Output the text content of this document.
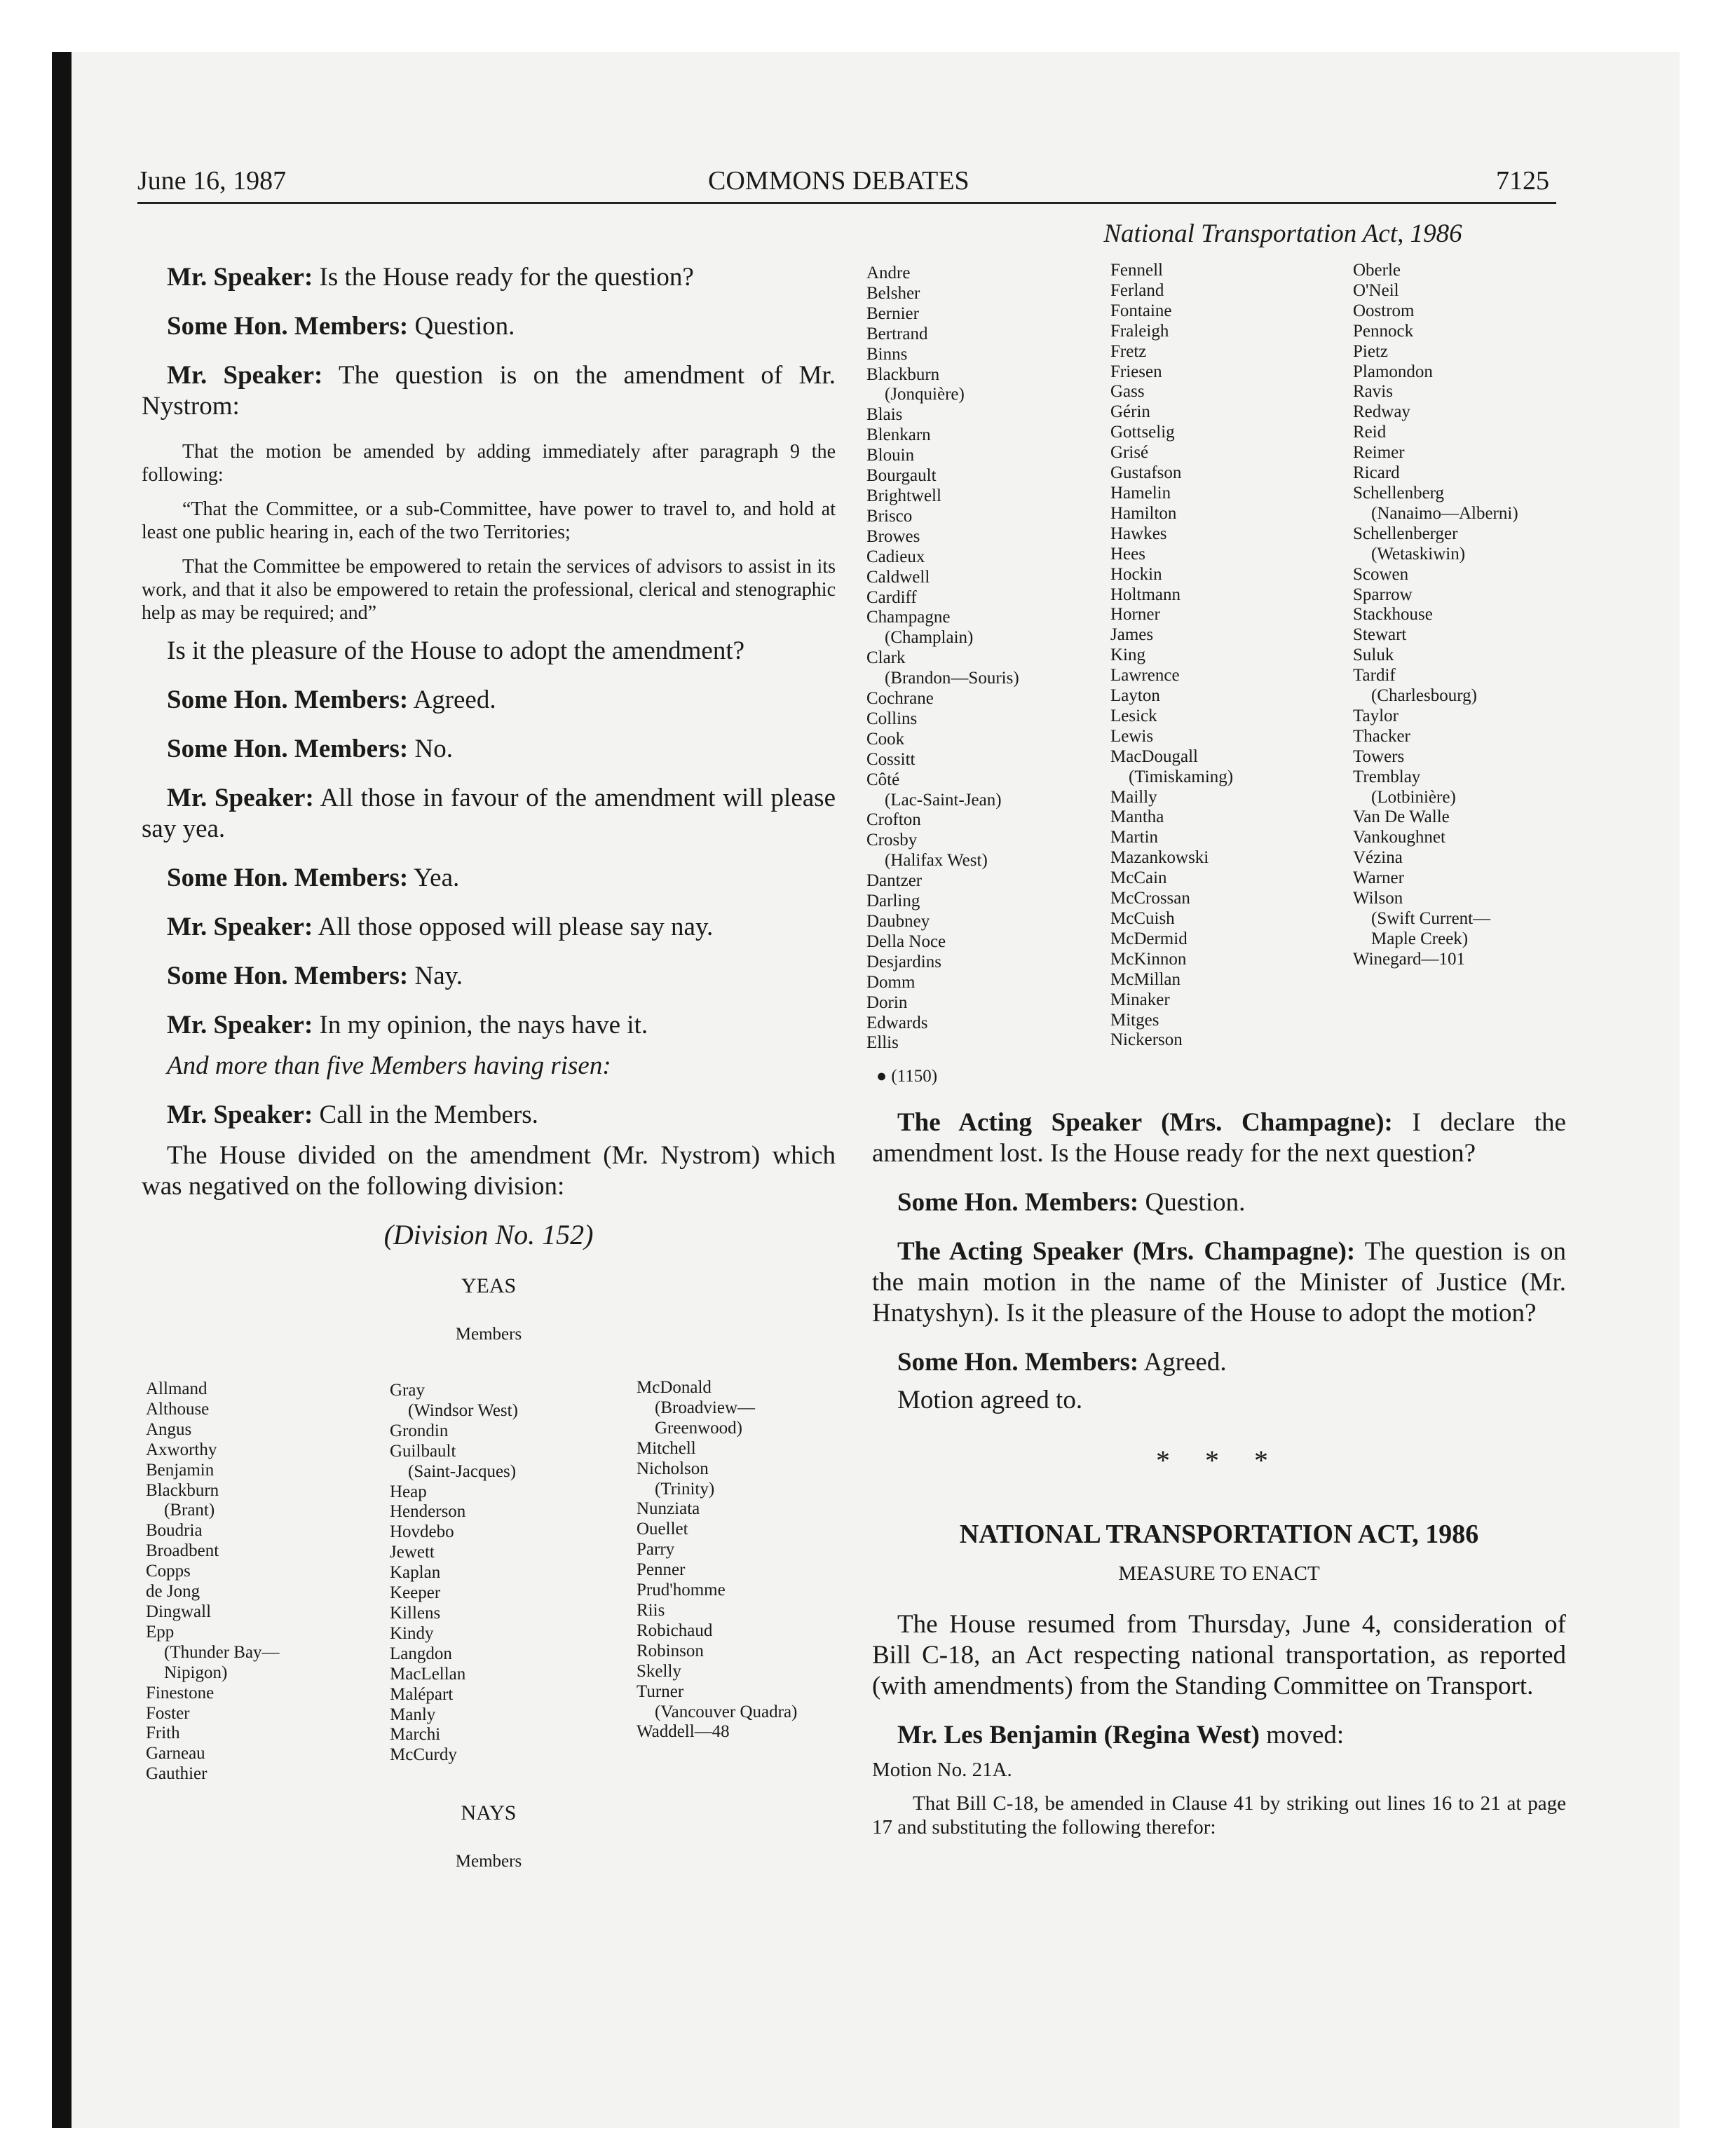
June 16, 1987	COMMONS DEBATES	7125
National Transportation Act, 1986

Mr. Speaker: Is the House ready for the question?

Some Hon. Members: Question.

Mr. Speaker: The question is on the amendment of Mr. Nystrom:

That the motion be amended by adding immediately after paragraph 9 the following:

“That the Committee, or a sub-Committee, have power to travel to, and hold at least one public hearing in, each of the two Territories;

That the Committee be empowered to retain the services of advisors to assist in its work, and that it also be empowered to retain the professional, clerical and stenographic help as may be required; and”

Is it the pleasure of the House to adopt the amendment?

Some Hon. Members: Agreed.

Some Hon. Members: No.

Mr. Speaker: All those in favour of the amendment will please say yea.

Some Hon. Members: Yea.

Mr. Speaker: All those opposed will please say nay.

Some Hon. Members: Nay.

Mr. Speaker: In my opinion, the nays have it.

And more than five Members having risen:

Mr. Speaker: Call in the Members.

The House divided on the amendment (Mr. Nystrom) which was negatived on the following division:

(Division No. 152)
YEAS
Members
Allmand
Althouse
Angus
Axworthy
Benjamin
Blackburn
(Brant)
Boudria
Broadbent
Copps
de Jong
Dingwall
Epp
(Thunder Bay—
Nipigon)
Finestone
Foster
Frith
Garneau
Gauthier
Gray
(Windsor West)
Grondin
Guilbault
(Saint-Jacques)
Heap
Henderson
Hovdebo
Jewett
Kaplan
Keeper
Killens
Kindy
Langdon
MacLellan
Malépart
Manly
Marchi
McCurdy
McDonald
(Broadview—
Greenwood)
Mitchell
Nicholson
(Trinity)
Nunziata
Ouellet
Parry
Penner
Prud'homme
Riis
Robichaud
Robinson
Skelly
Turner
(Vancouver Quadra)
Waddell—48
NAYS
Members
Andre
Belsher
Bernier
Bertrand
Binns
Blackburn
(Jonquière)
Blais
Blenkarn
Blouin
Bourgault
Brightwell
Brisco
Browes
Cadieux
Caldwell
Cardiff
Champagne
(Champlain)
Clark
(Brandon—Souris)
Cochrane
Collins
Cook
Cossitt
Côté
(Lac-Saint-Jean)
Crofton
Crosby
(Halifax West)
Dantzer
Darling
Daubney
Della Noce
Desjardins
Domm
Dorin
Edwards
Ellis
Fennell
Ferland
Fontaine
Fraleigh
Fretz
Friesen
Gass
Gérin
Gottselig
Grisé
Gustafson
Hamelin
Hamilton
Hawkes
Hees
Hockin
Holtmann
Horner
James
King
Lawrence
Layton
Lesick
Lewis
MacDougall
(Timiskaming)
Mailly
Mantha
Martin
Mazankowski
McCain
McCrossan
McCuish
McDermid
McKinnon
McMillan
Minaker
Mitges
Nickerson
Oberle
O'Neil
Oostrom
Pennock
Pietz
Plamondon
Ravis
Redway
Reid
Reimer
Ricard
Schellenberg
(Nanaimo—Alberni)
Schellenberger
(Wetaskiwin)
Scowen
Sparrow
Stackhouse
Stewart
Suluk
Tardif
(Charlesbourg)
Taylor
Thacker
Towers
Tremblay
(Lotbinière)
Van De Walle
Vankoughnet
Vézina
Warner
Wilson
(Swift Current—
Maple Creek)
Winegard—101
● (1150)

The Acting Speaker (Mrs. Champagne): I declare the amendment lost. Is the House ready for the next question?

Some Hon. Members: Question.

The Acting Speaker (Mrs. Champagne): The question is on the main motion in the name of the Minister of Justice (Mr. Hnatyshyn). Is it the pleasure of the House to adopt the motion?

Some Hon. Members: Agreed.

Motion agreed to.

* * *
NATIONAL TRANSPORTATION ACT, 1986
MEASURE TO ENACT

The House resumed from Thursday, June 4, consideration of Bill C-18, an Act respecting national transportation, as reported (with amendments) from the Standing Committee on Transport.

Mr. Les Benjamin (Regina West) moved:

Motion No. 21A.

That Bill C-18, be amended in Clause 41 by striking out lines 16 to 21 at page 17 and substituting the following therefor:
